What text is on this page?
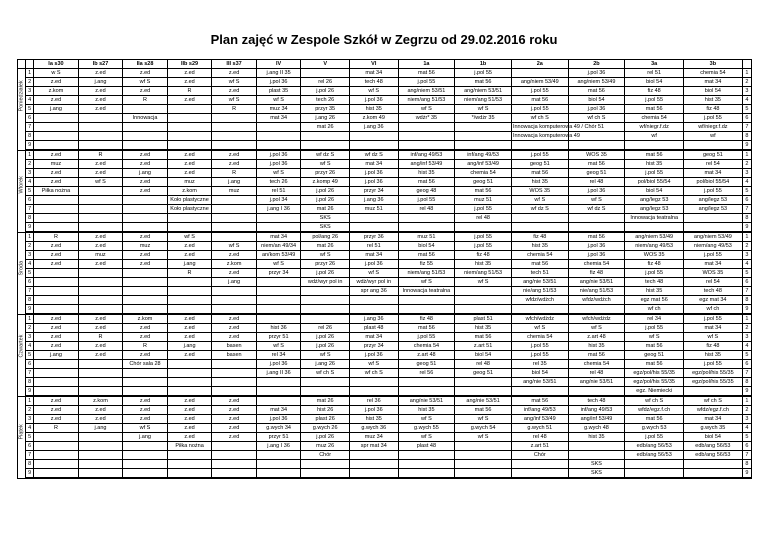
Plan zajęć w Zespole Szkół w Zegrzu od 29.02.2016 roku
		Ia s30	Ib s27	IIa s28	IIb s29	III s37	IV	V	VI	1a	1b	2a	2b	3a	3b	

Poniedziałek	1	w S	z.ed	z.ed	z.ed	z.ed	j.ang II 35		mat 34	mat 56	j.pol 55		j.pol 36	rel 51	chemia 54	1
	2	z.ed	j.ang	wf S	z.ed	wf S	j.pol 36	rel 26	tech 48	j.pol 55	mat 56	ang/niem 53/49	ang/niem 53/49	biol 54	mat 34	2
	3	z.kom	z.ed	z.ed	R	z.ed	plast 35	j.pol 26	wf S	ang/niem 53/51	ang/niem 53/51	j.pol 55	mat 56	fiz 48	biol 54	3
	4	z.ed	z.ed	R	z.ed	wf S	wf S	tech 26	j.pol 36	niem/ang 51/53	niem/ang 51/53	mat 56	biol 54	j.pol 55	hist 35	4
	5	j.ang	z.ed			R	muz 34	przyr 35	hist 35	wf S	wf S	j.pol 55	j.pol 36	mat 56	fiz 48	5
	6			Innowacja			mat 34	j.ang 26	z.kom 49	wdżr* 35	*/wdżr 35	wf ch S	wf ch S	chemia 54	j.pol 55	6
	7							mat 26	j.ang 36			Innowacja komputerowa 49 / Chór 51		wf/niegr.f.dz	wf/niegr.f.dz	7
	8											Innowacja komputerowa 49		wf	wf	8
	9															9

Wtorek	1	z.ed	R	z.ed	z.ed	z.ed	j.pol 36	wf dz S	wf dz S	inf/ang 49/53	inf/ang 49/53	j.pol 55	WOS 35	mat 56	geog 51	1
	2	muz	z.ed	z.ed	z.ed	z.ed	j.pol 36	wf S	mat 34	ang/inf 53/49	ang/inf 53/49	geog 51	mat 56	hist 35	rel 54	2
	3	z.ed	z.ed	j.ang	z.ed	R	wf S	przyr 26	j.pol 36	hist 35	chemia 54	mat 56	geog 51	j.pol 55	mat 34	3
	4	z.ed	wf S	z.ed	muz	j.ang	tech 26	z.komp 49	j.pol 36	mat 56	geog 51	hist 35	rel 48	pol/biol 55/54	pol/biol 55/54	4
	5	Piłka nożna		z.ed	z.kom	muz	rel 51	j.pol 26	przyr 34	geog 48	mat 56	WOS 35	j.pol 36	biol 54	j.pol 55	5
	6				Koło plastyczne		j.pol 34	j.pol 26	j.ang 36	j.pol 55	muz 51	wf S	wf S	ang/legz 53	ang/legz 53	6
	7				Koło plastyczne		j.ang I 36	mat 26	muz 51	rel 48	j.pol 55	wf dz S	wf dz S	ang/legz 53	ang/legz 53	7
	8							SKS			rel 48			Innowacja teatralna		8
	9							SKS								9

Środa	1	R	z.ed	z.ed	wf S		mat 34	pol/ang 26	przyr 36	muz 51	j.pol 55	fiz 48	mat 56	ang/niem 53/49	ang/niem 53/49	1
	2	z.ed	z.ed	muz	z.ed	wf S	niem/an 49/34	mat 26	rel 51	biol 54	j.pol 55	hist 35	j.pol 36	niem/ang 49/53	niem/ang 49/53	2
	3	z.ed	muz	z.ed	z.ed	z.ed	an/kom 53/49	wf S	mat 34	mat 56	fiz 48	chemia 54	j.pol 36	WOS 35	j.pol 55	3
	4	z.ed	z.ed	z.ed	j.ang	z.kom	wf S	przyr 26	j.pol 36	fiz 55	hist 35	mat 56	chemia 54	fiz 48	mat 34	4
	5				R	z.ed	przyr 34	j.pol 26	wf S	niem/ang 51/53	niem/ang 51/53	tech 51	fiz 48	j.pol 55	WOS 35	5
	6					j.ang		wdż/wyr pol in	wdż/wyr pol in	wf S	wf S	ang/nie 53/51	ang/nie 53/51	tech 48	rel 54	6
	7								spr ang 36	Innowacja teatralna		nie/ang 51/53	nie/ang 51/53	hist 35	tech 48	7
	8											wfdz/wdżch	wfdz/wdżch	egz mat 56	egz mat 34	8
	9													wf ch	wf ch	9

Czwartek	1	z.ed	z.ed	z.kom	z.ed	z.ed			j.ang 36	fiz 48	plast 51	wfch/wdżdz	wfch/wdżdz	rel 34	j.pol 55	1
	2	z.ed	z.ed	z.ed	z.ed	z.ed	hist 36	rel 26	plast 48	mat 56	hist 35	wf S	wf S	j.pol 55	mat 34	2
	3	z.ed	R	z.ed	z.ed	z.ed	przyr 51	j.pol 26	mat 34	j.pol 55	mat 56	chemia 54	z.art 48	wf S	wf S	3
	4	z.ed	z.ed	R	j.ang	basen	wf S	j.pol 26	przyr 34	chemia 54	z.art 51	j.pol 55	hist 35	mat 56	fiz 48	4
	5	j.ang	z.ed	z.ed	z.ed	basen	rel 34	wf S	j.pol 36	z.art 48	biol 54	j.pol 55	mat 56	geog 51	hist 35	5
	6			Chór sala 28			j.pol 36	j.ang 26	wf S	geog 51	rel 48	rel 35	chemia 54	mat 56	j.pol 55	6
	7						j.ang II 36	wf ch S	wf ch S	rel 56	geog 51	biol 54	rel 48	egz/pol/his 55/35	egz/pol/his 55/35	7
	8											ang/nie 53/51	ang/nie 53/51	egz/pol/his 55/35	egz/pol/his 55/35	8
	9													egz. Niemiecki		9

Piątek	1	z.ed	z.kom	z.ed	z.ed	z.ed		mat 26	rel 36	ang/nie 53/51	ang/nie 53/51	mat 56	tech 48	wf ch S	wf ch S	1
	2	z.ed	z.ed	z.ed	z.ed	z.ed	mat 34	hist 26	j.pol 36	hist 35	mat 56	inf/ang 49/53	inf/ang 49/53	wfdz/egz.f.ch	wfdz/egz.f.ch	2
	3	z.ed	z.ed	z.ed	z.ed	z.ed	j.pol 36	plast 26	hist 35	wf S	wf S	ang/inf 53/49	ang/inf 53/49	mat 56	mat 34	3
	4	R	j.ang	wf S	z.ed	z.ed	g.wych 34	g.wych 26	g.wych 36	g.wych 55	g.wych 54	g.wych 51	g.wych 48	g.wych 53	g.wych 35	4
	5			j.ang	z.ed	z.ed	przyr 51	j.pol 26	muz 34	wf S	wf S	rel 48	hist 35	j.pol 55	biol 54	5
	6				Piłka nożna		j.ang I 36	muz 26	spr mat 34	plast 48		z.art 51		edb/ang 56/53	edb/ang 56/53	6
	7							Chór				Chór		edb/ang 56/53	edb/ang 56/53	7
	8												SKS			8
	9												SKS			9
